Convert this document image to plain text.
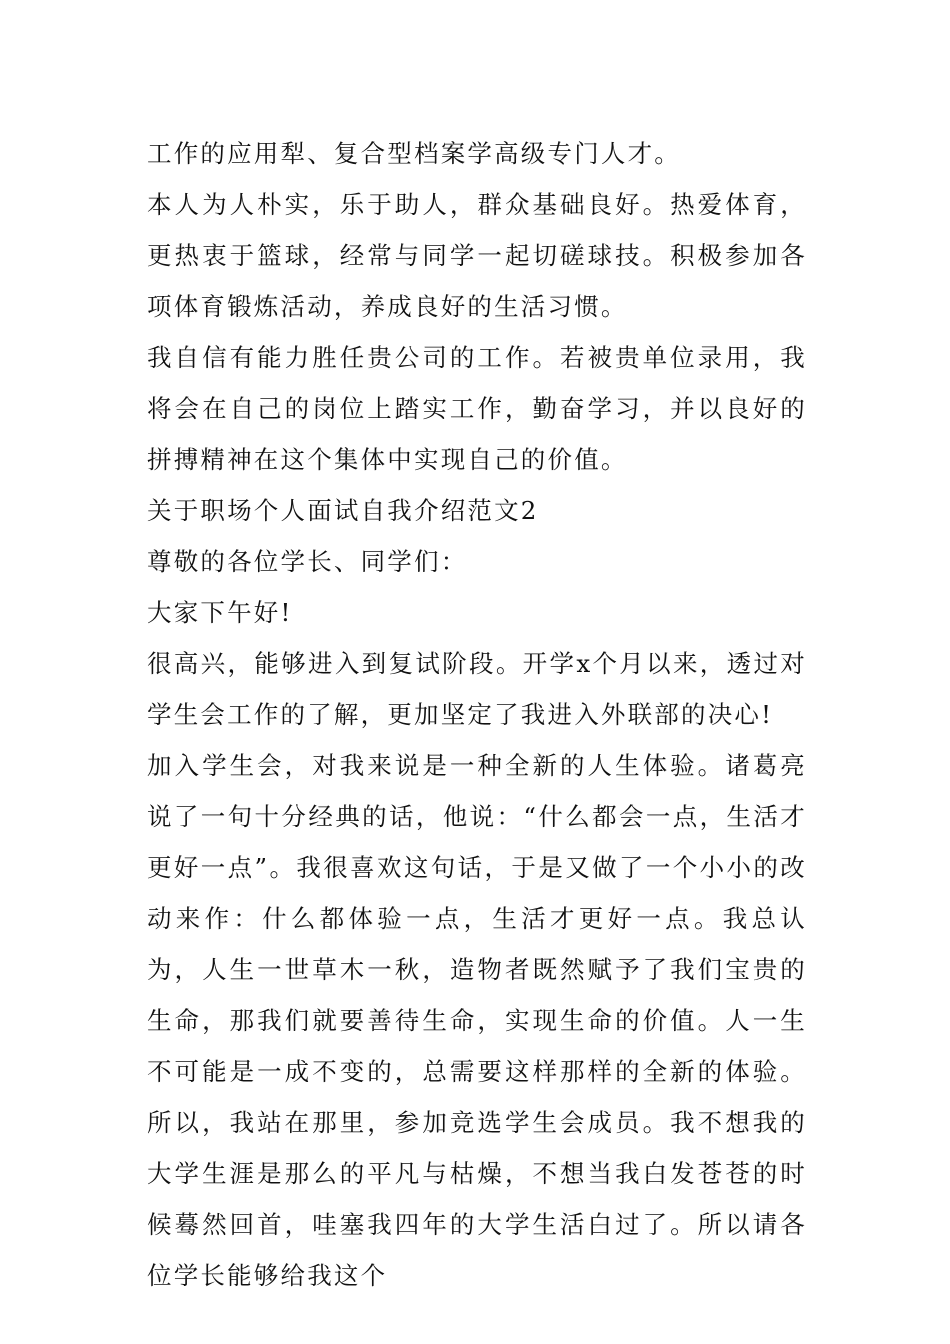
工作的应用犁、复合型档案学高级专门人才。

本人为人朴实，乐于助人，群众基础良好。热爱体育，更热衷于篮球，经常与同学一起切磋球技。积极参加各项体育锻炼活动，养成良好的生活习惯。

我自信有能力胜任贵公司的工作。若被贵单位录用，我将会在自己的岗位上踏实工作，勤奋学习，并以良好的拼搏精神在这个集体中实现自己的价值。

关于职场个人面试自我介绍范文2

尊敬的各位学长、同学们：

大家下午好!

很高兴，能够进入到复试阶段。开学x个月以来，透过对学生会工作的了解，更加坚定了我进入外联部的决心!

加入学生会，对我来说是一种全新的人生体验。诸葛亮说了一句十分经典的话，他说：“什么都会一点，生活才更好一点”。我很喜欢这句话，于是又做了一个小小的改动来作：什么都体验一点，生活才更好一点。我总认为，人生一世草木一秋，造物者既然赋予了我们宝贵的生命，那我们就要善待生命，实现生命的价值。人一生不可能是一成不变的，总需要这样那样的全新的体验。所以，我站在那里，参加竞选学生会成员。我不想我的大学生涯是那么的平凡与枯燥，不想当我白发苍苍的时候蓦然回首，哇塞我四年的大学生活白过了。所以请各位学长能够给我这个
